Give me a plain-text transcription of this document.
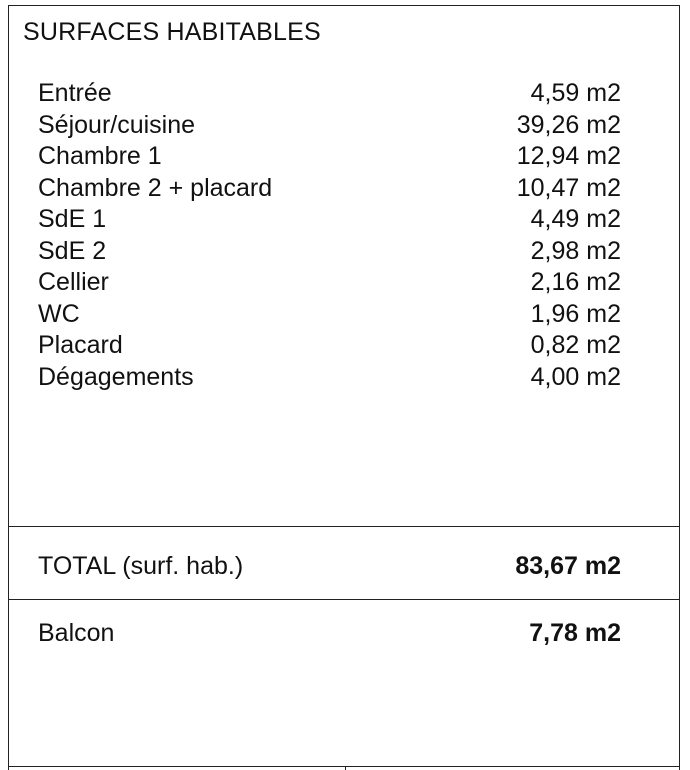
SURFACES HABITABLES
Entrée	4,59 m2
Séjour/cuisine	39,26 m2
Chambre 1	12,94 m2
Chambre 2 + placard	10,47 m2
SdE 1	4,49 m2
SdE 2	2,98 m2
Cellier	2,16 m2
WC	1,96 m2
Placard	0,82 m2
Dégagements	4,00 m2
TOTAL (surf. hab.)	83,67 m2
Balcon	7,78 m2
